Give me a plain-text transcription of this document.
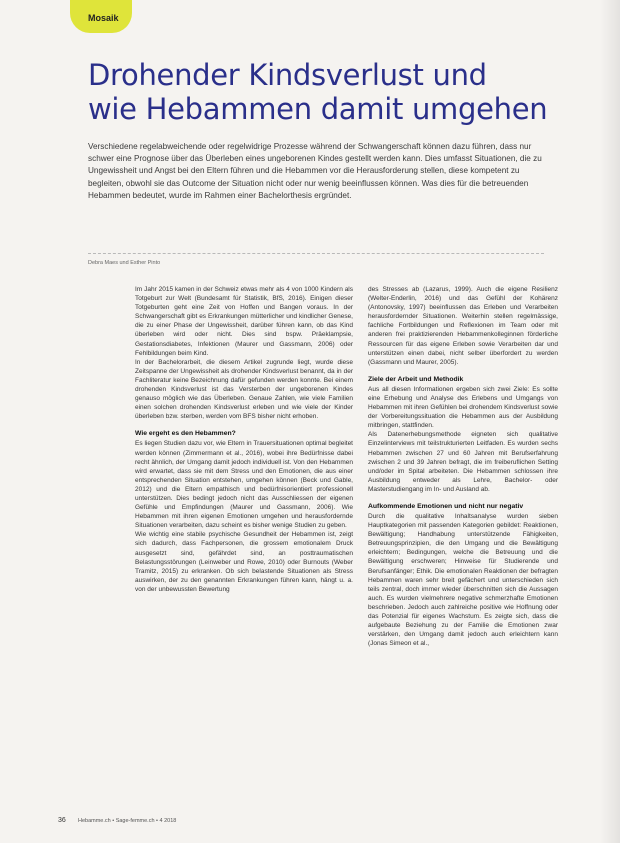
Mosaik
Drohender Kindsverlust und
wie Hebammen damit umgehen

Verschiedene regelabweichende oder regelwidrige Prozesse während der Schwangerschaft können dazu führen, dass nur schwer eine Prognose über das Überleben eines ungeborenen Kindes gestellt werden kann. Dies umfasst Situationen, die zu Ungewissheit und Angst bei den Eltern führen und die Hebammen vor die Herausforderung stellen, diese kompetent zu begleiten, obwohl sie das Outcome der Situation nicht oder nur wenig beeinflussen können. Was dies für die betreuenden Hebammen bedeutet, wurde im Rahmen einer Bachelorthesis ergründet.

Debra Maes und Esther Pinto

Im Jahr 2015 kamen in der Schweiz etwas mehr als 4 von 1000 Kindern als Totgeburt zur Welt (Bundesamt für Statistik, BfS, 2016). Einigen dieser Totgeburten geht eine Zeit von Hoffen und Bangen voraus. In der Schwangerschaft gibt es Erkrankungen mütterlicher und kindlicher Genese, die zu einer Phase der Ungewissheit, darüber führen kann, ob das Kind überleben wird oder nicht. Dies sind bspw. Präeklampsie, Gestationsdiabetes, Infektionen (Maurer und Gassmann, 2006) oder Fehlbildungen beim Kind.

In der Bachelorarbeit, die diesem Artikel zugrunde liegt, wurde diese Zeitspanne der Ungewissheit als drohender Kindsverlust benannt, da in der Fachliteratur keine Bezeichnung dafür gefunden werden konnte. Bei einem drohenden Kindsverlust ist das Versterben der ungeborenen Kindes genauso möglich wie das Überleben. Genaue Zahlen, wie viele Familien einen solchen drohenden Kindsverlust erleben und wie viele der Kinder überleben bzw. sterben, werden vom BFS bisher nicht erhoben.

Wie ergeht es den Hebammen?

Es liegen Studien dazu vor, wie Eltern in Trauersituationen optimal begleitet werden können (Zimmermann et al., 2016), wobei ihre Bedürfnisse dabei recht ähnlich, der Umgang damit jedoch individuell ist. Von den Hebammen wird erwartet, dass sie mit dem Stress und den Emotionen, die aus einer entsprechenden Situation entstehen, umgehen können (Beck und Gable, 2012) und die Eltern empathisch und bedürfnisorientiert professionell unterstützen. Dies bedingt jedoch nicht das Ausschliessen der eigenen Gefühle und Empfindungen (Maurer und Gassmann, 2006). Wie Hebammen mit ihren eigenen Emotionen umgehen und herausfordernde Situationen verarbeiten, dazu scheint es bisher wenige Studien zu geben.

Wie wichtig eine stabile psychische Gesundheit der Hebammen ist, zeigt sich dadurch, dass Fachpersonen, die grossem emotionalem Druck ausgesetzt sind, gefährdet sind, an posttraumatischen Belastungsstörungen (Leinweber und Rowe, 2010) oder Burnouts (Weber Tramitz, 2015) zu erkranken. Ob sich belastende Situationen als Stress auswirken, der zu den genannten Erkrankungen führen kann, hängt u. a. von der unbewussten Bewertung

des Stresses ab (Lazarus, 1999). Auch die eigene Resilienz (Welter-Enderlin, 2016) und das Gefühl der Kohärenz (Antonovsky, 1997) beeinflussen das Erleben und Verarbeiten herausfordernder Situationen. Weiterhin stellen regelmässige, fachliche Fortbildungen und Reflexionen im Team oder mit anderen frei praktizierenden Hebammenkolleginnen förderliche Ressourcen für das eigene Erleben sowie Verarbeiten dar und unterstützen einen dabei, nicht selber überfordert zu werden (Gassmann und Maurer, 2005).

Ziele der Arbeit und Methodik

Aus all diesen Informationen ergeben sich zwei Ziele: Es sollte eine Erhebung und Analyse des Erlebens und Umgangs von Hebammen mit ihren Gefühlen bei drohendem Kindsverlust sowie der Vorbereitungssituation die Hebammen aus der Ausbildung mitbringen, stattfinden.

Als Datenerhebungsmethode eigneten sich qualitative Einzelinterviews mit teilstrukturierten Leitfaden. Es wurden sechs Hebammen zwischen 27 und 60 Jahren mit Berufserfahrung zwischen 2 und 39 Jahren befragt, die im freiberuflichen Setting und/oder im Spital arbeiteten. Die Hebammen schlossen ihre Ausbildung entweder als Lehre, Bachelor- oder Masterstudiengang im In- und Ausland ab.

Aufkommende Emotionen und nicht nur negativ

Durch die qualitative Inhaltsanalyse wurden sieben Hauptkategorien mit passenden Kategorien gebildet: Reaktionen, Bewältigung; Handhabung unterstützende Fähigkeiten, Betreuungsprinzipien, die den Umgang und die Bewältigung erleichtern; Bedingungen, welche die Betreuung und die Bewältigung erschweren; Hinweise für Studierende und Berufsanfänger; Ethik. Die emotionalen Reaktionen der befragten Hebammen waren sehr breit gefächert und unterschieden sich teils zentral, doch immer wieder überschnitten sich die Aussagen auch. Es wurden vielmehrere negative schmerzhafte Emotionen beschrieben. Jedoch auch zahlreiche positive wie Hoffnung oder das Potenzial für eigenes Wachstum. Es zeigte sich, dass die aufgebaute Beziehung zu der Familie die Emotionen zwar verstärken, den Umgang damit jedoch auch erleichtern kann (Jonas Simeon et al.,

36 Hebamme.ch • Sage-femme.ch • 4 2018
